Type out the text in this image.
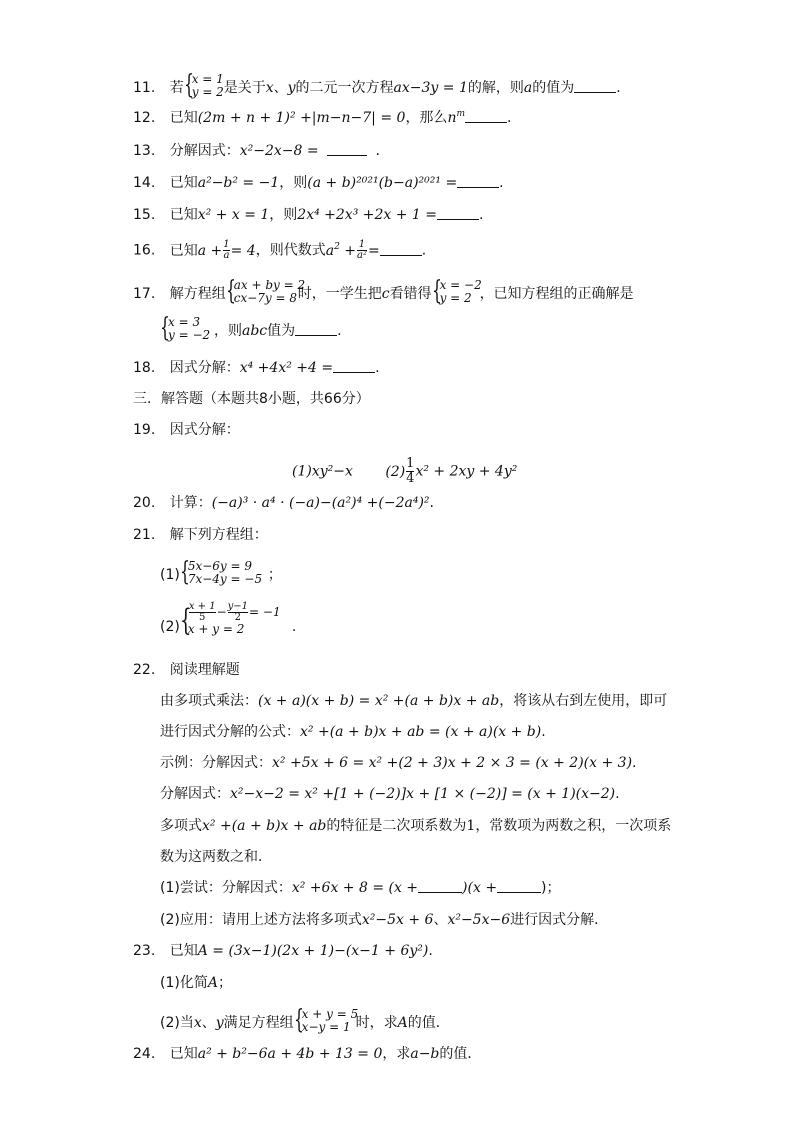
11. 若 {
x = 1
y = 2 是关于x、y的二元一次方程ax−3y = 1的解，则a的值为	.
12. 已知(2m + n + 1)² +|m−n−7| = 0，那么$n^m$	.
13. 分解因式：x²−2x−8 =	.
14. 已知a²−b² = −1，则(a + b)²⁰²¹(b−a)²⁰²¹ =	.
15. 已知x² + x = 1，则2x⁴ +2x³ +2x + 1 =	.
16. 已知$a + \frac{1}{a} = 4$，则代数式$a^2 + \frac{1}{\text{a²}}$ =	.
17. 解方程组 {
ax + by = 2
cx−7y = 8 时，一学生把c看错得 {
x = −2
y = 2 ，已知方程组的正确解是
{
x = 3
y = −2 ，则abc值为	.
18. 因式分解：x⁴ +4x² +4 =	.
三．解答题（本题共8小题，共66分）
19. 因式分解：
(1)xy²−x $(2) \frac{1}{4} x^2 + 2xy + 4y^2$
20. 计算：(−a)³ · a⁴ · (−a)−(a²)⁴ +(−2a⁴)².
21. 解下列方程组：
(1) {
5x−6y = 9
7x−4y = −5 ；
(2) {
$\frac{x + 1}{5} - \frac{y-1}{2} = -1$
x + y = 2	.
22. 阅读理解题
由多项式乘法：(x + a)(x + b) = x² +(a + b)x + ab，将该从右到左使用，即可
进行因式分解的公式：x² +(a + b)x + ab = (x + a)(x + b).
示例：分解因式：x² +5x + 6 = x² +(2 + 3)x + 2 × 3 = (x + 2)(x + 3).
分解因式：x²−x−2 = x² +[1 + (−2)]x + [1 × (−2)] = (x + 1)(x−2).
多项式x² +(a + b)x + ab的特征是二次项系数为1，常数项为两数之积，一次项系
数为这两数之和．
(1)尝试：分解因式：x² +6x + 8 = (x +	)(x +	)；
(2)应用：请用上述方法将多项式x²−5x + 6、x²−5x−6进行因式分解．
23. 已知A = (3x−1)(2x + 1)−(x−1 + 6y²).
(1)化简A；
(2)当x、y满足方程组 {
x + y = 5
x−y = 1 时，求A的值．
24. 已知a² + b²−6a + 4b + 13 = 0，求a−b的值．
